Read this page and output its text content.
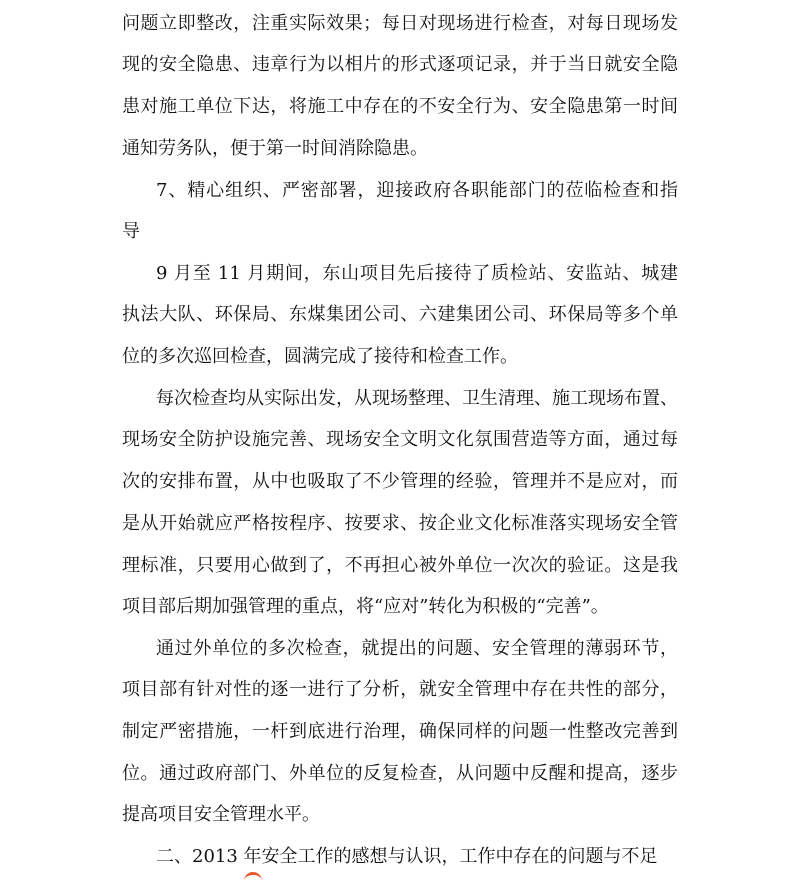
问题立即整改，注重实际效果；每日对现场进行检查，对每日现场发
现的安全隐患、违章行为以相片的形式逐项记录，并于当日就安全隐
患对施工单位下达，将施工中存在的不安全行为、安全隐患第一时间
通知劳务队，便于第一时间消除隐患。
7、精心组织、严密部署，迎接政府各职能部门的莅临检查和指
导
9 月至 11 月期间，东山项目先后接待了质检站、安监站、城建
执法大队、环保局、东煤集团公司、六建集团公司、环保局等多个单
位的多次巡回检查，圆满完成了接待和检查工作。
每次检查均从实际出发，从现场整理、卫生清理、施工现场布置、
现场安全防护设施完善、现场安全文明文化氛围营造等方面，通过每
次的安排布置，从中也吸取了不少管理的经验，管理并不是应对，而
是从开始就应严格按程序、按要求、按企业文化标准落实现场安全管
理标准，只要用心做到了，不再担心被外单位一次次的验证。这是我
项目部后期加强管理的重点，将“应对”转化为积极的“完善”。
通过外单位的多次检查，就提出的问题、安全管理的薄弱环节，
项目部有针对性的逐一进行了分析，就安全管理中存在共性的部分，
制定严密措施，一杆到底进行治理，确保同样的问题一性整改完善到
位。通过政府部门、外单位的反复检查，从问题中反醒和提高，逐步
提高项目安全管理水平。
二、2013 年安全工作的感想与认识，工作中存在的问题与不足
